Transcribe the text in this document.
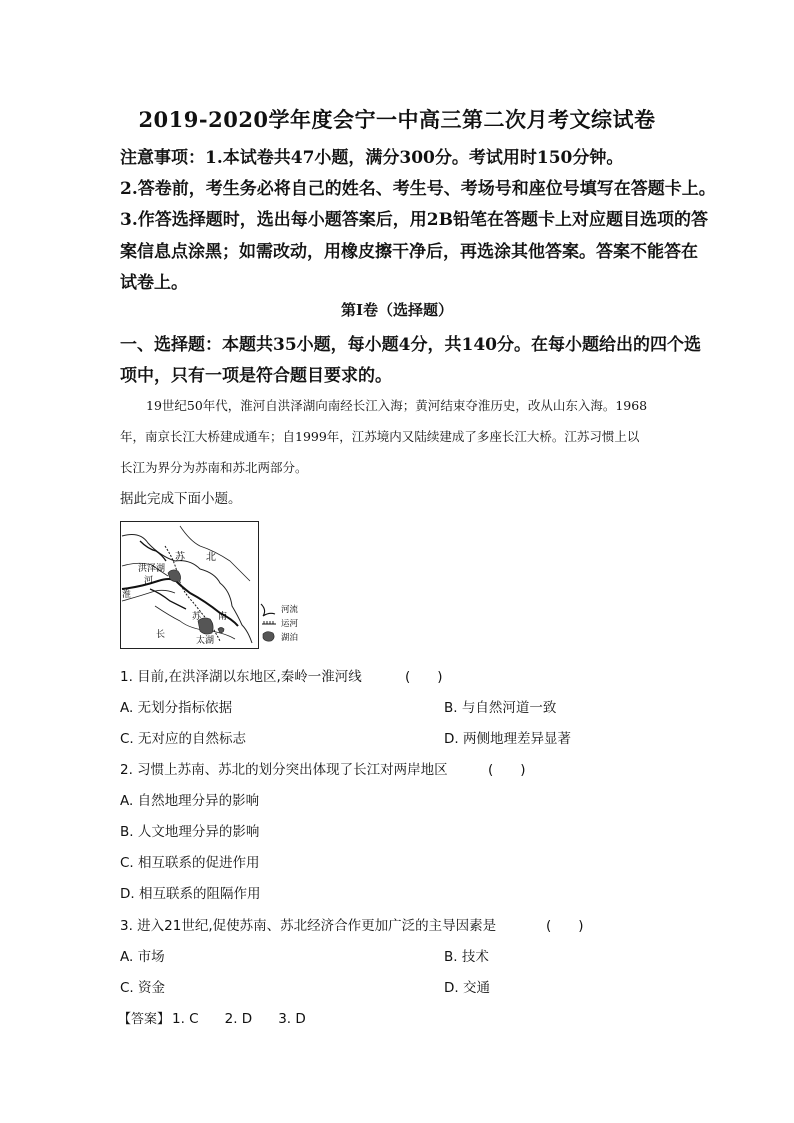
2019-2020学年度会宁一中高三第二次月考文综试卷
注意事项：1.本试卷共47小题，满分300分。考试用时150分钟。
2.答卷前，考生务必将自己的姓名、考生号、考场号和座位号填写在答题卡上。
3.作答选择题时，选出每小题答案后，用2B铅笔在答题卡上对应题目选项的答
案信息点涂黑；如需改动，用橡皮擦干净后，再选涂其他答案。答案不能答在
试卷上。
第I卷（选择题）
一、选择题：本题共35小题，每小题4分，共140分。在每小题给出的四个选
项中，只有一项是符合题目要求的。

19世纪50年代，淮河自洪泽湖向南经长江入海；黄河结束夺淮历史，改从山东入海。1968

年，南京长江大桥建成通车；自1999年，江苏境内又陆续建成了多座长江大桥。江苏习惯上以

长江为界分为苏南和苏北两部分。

据此完成下面小题。
苏 北
洪泽湖
河
淮
苏 南
长
太湖
河流
运河
湖泊
1. 目前,在洪泽湖以东地区,秦岭一淮河线	(　　)
A. 无划分指标依据	B. 与自然河道一致
C. 无对应的自然标志	D. 两侧地理差异显著
2. 习惯上苏南、苏北的划分突出体现了长江对两岸地区	(　　)
A. 自然地理分异的影响
B. 人文地理分异的影响
C. 相互联系的促进作用
D. 相互联系的阻隔作用
3. 进入21世纪,促使苏南、苏北经济合作更加广泛的主导因素是	(　　)
A. 市场	B. 技术
C. 资金	D. 交通
【答案】 1. C 2. D 3. D
